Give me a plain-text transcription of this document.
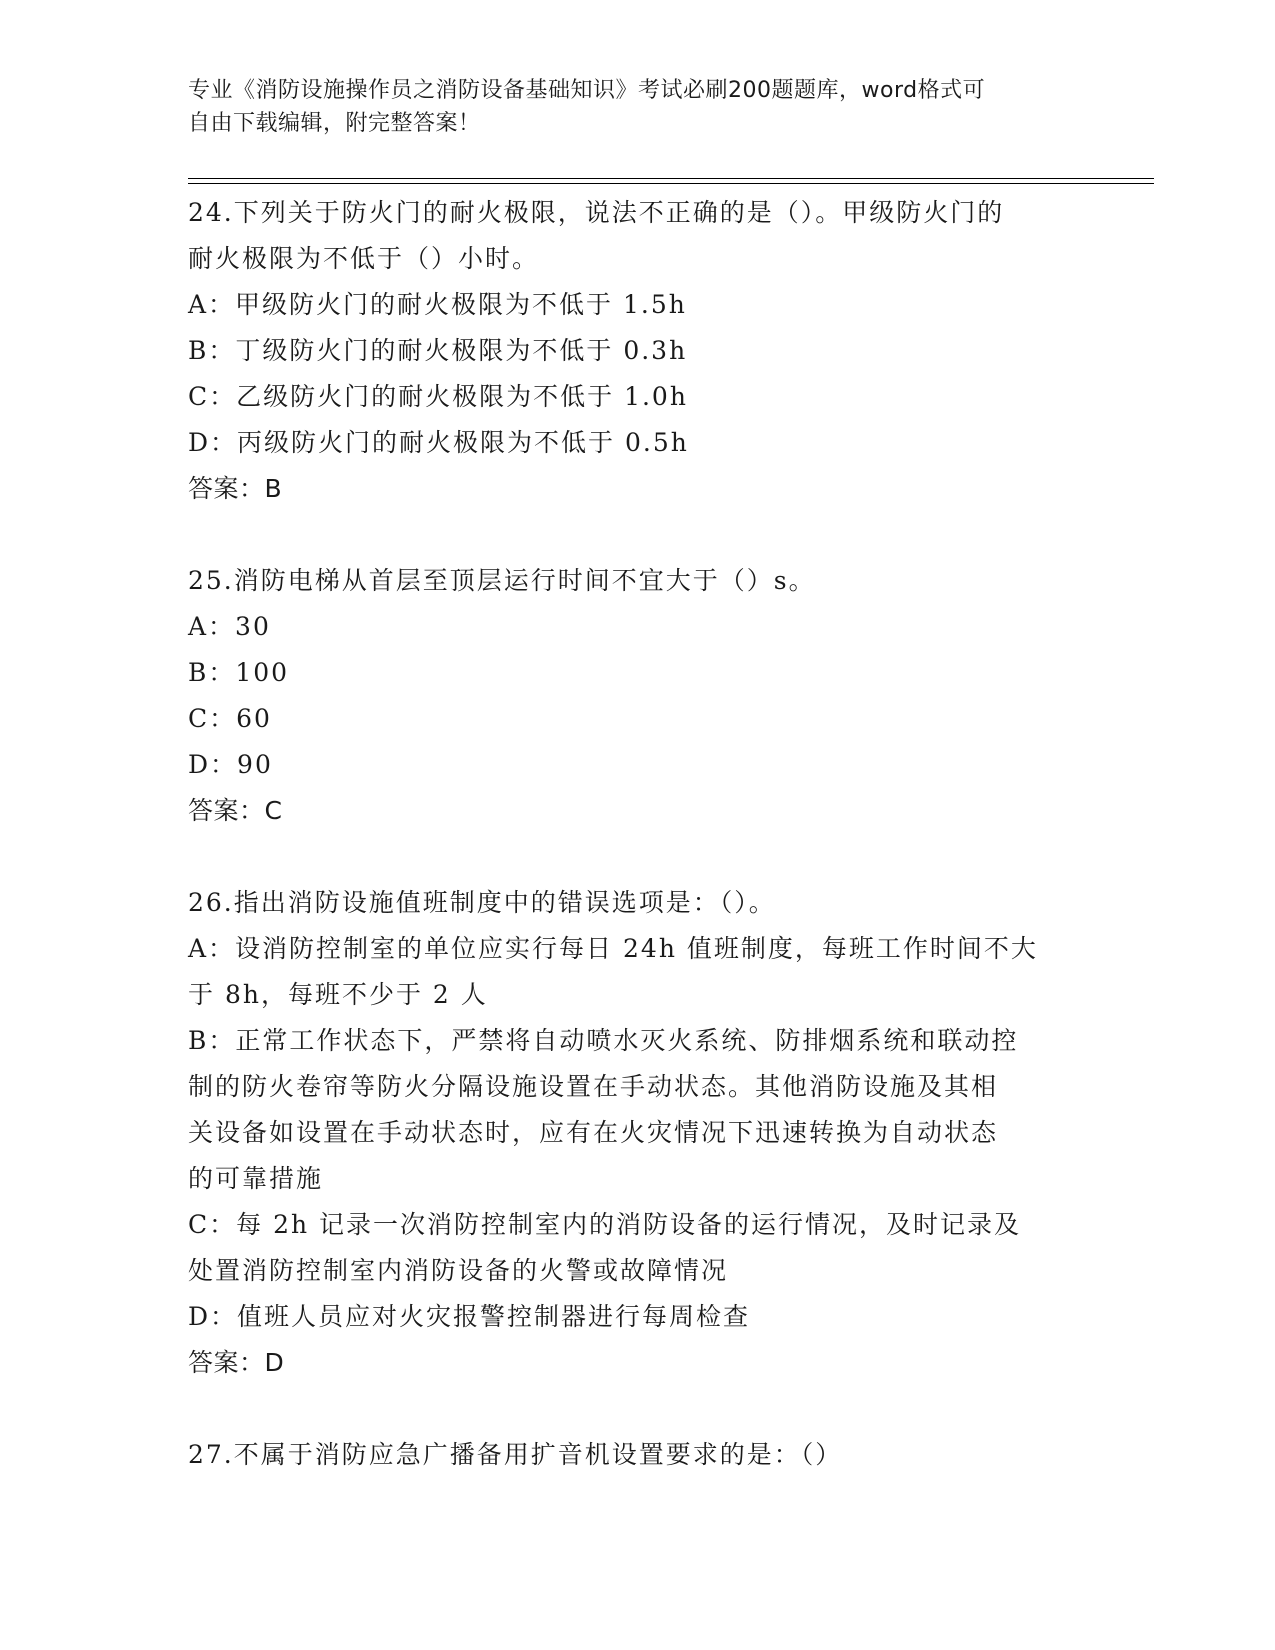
专业《消防设施操作员之消防设备基础知识》考试必刷200题题库，word格式可
自由下载编辑，附完整答案！
24.下列关于防火门的耐火极限，说法不正确的是（）。甲级防火门的
耐火极限为不低于（）小时。
A：甲级防火门的耐火极限为不低于 1.5h
B：丁级防火门的耐火极限为不低于 0.3h
C：乙级防火门的耐火极限为不低于 1.0h
D：丙级防火门的耐火极限为不低于 0.5h
答案：B
25.消防电梯从首层至顶层运行时间不宜大于（）s。
A：30
B：100
C：60
D：90
答案：C
26.指出消防设施值班制度中的错误选项是：（）。
A：设消防控制室的单位应实行每日 24h 值班制度，每班工作时间不大
于 8h，每班不少于 2 人
B：正常工作状态下，严禁将自动喷水灭火系统、防排烟系统和联动控
制的防火卷帘等防火分隔设施设置在手动状态。其他消防设施及其相
关设备如设置在手动状态时，应有在火灾情况下迅速转换为自动状态
的可靠措施
C：每 2h 记录一次消防控制室内的消防设备的运行情况，及时记录及
处置消防控制室内消防设备的火警或故障情况
D：值班人员应对火灾报警控制器进行每周检查
答案：D
27.不属于消防应急广播备用扩音机设置要求的是：（）
